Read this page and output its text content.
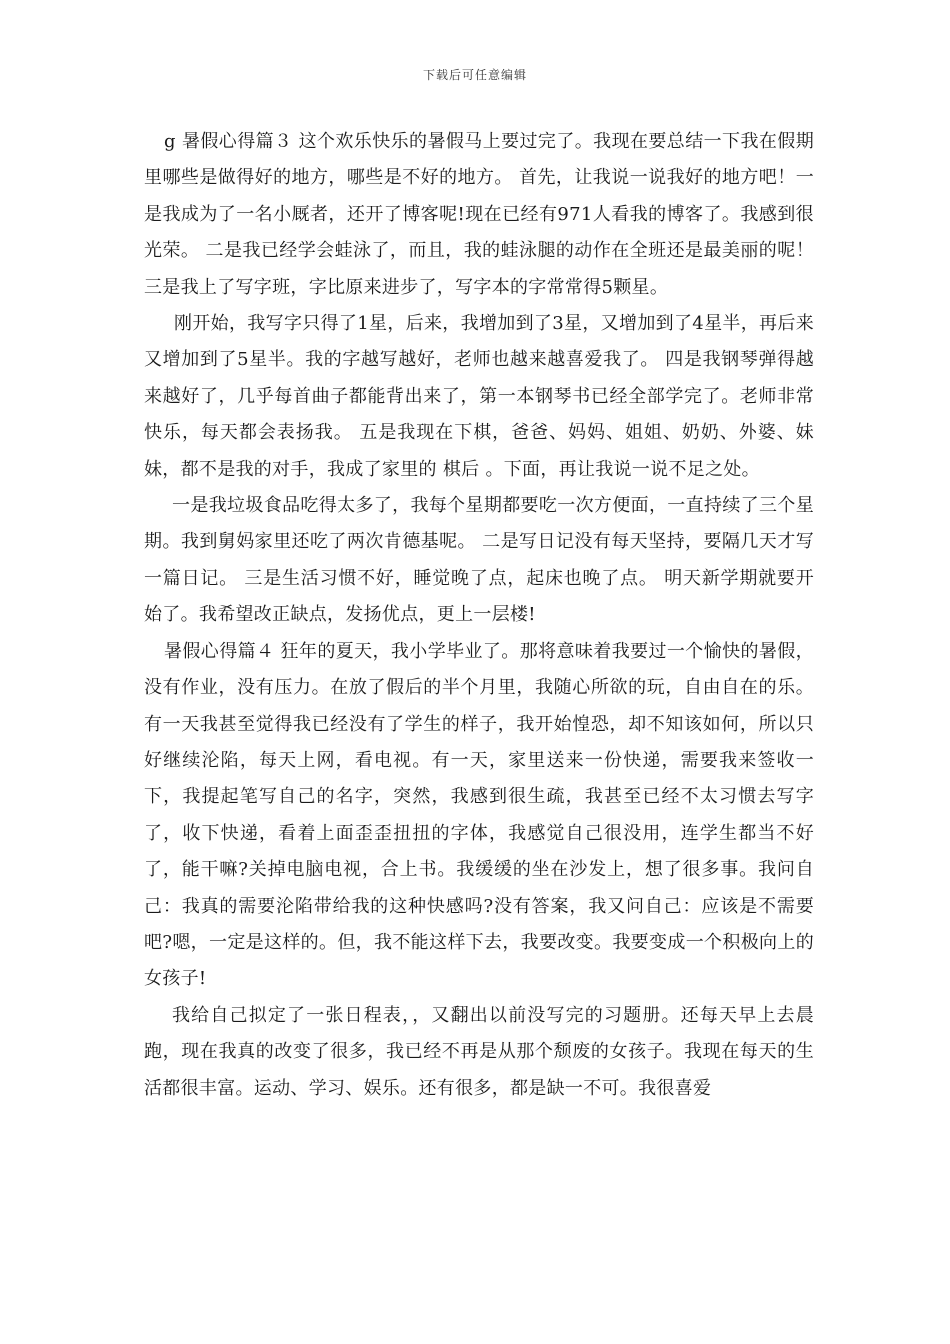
下载后可任意编辑

g 暑假心得篇３ 这个欢乐快乐的暑假马上要过完了。我现在要总结一下我在假期里哪些是做得好的地方，哪些是不好的地方。 首先，让我说一说我好的地方吧！一是我成为了一名小厩者，还开了博客呢!现在已经有971人看我的博客了。我感到很光荣。 二是我已经学会蛙泳了，而且，我的蛙泳腿的动作在全班还是最美丽的呢！三是我上了写字班，字比原来进步了，写字本的字常常得5颗星。

刚开始，我写字只得了1星，后来，我增加到了3星，又增加到了4星半，再后来又增加到了5星半。我的字越写越好，老师也越来越喜爱我了。 四是我钢琴弹得越来越好了，几乎每首曲子都能背出来了，第一本钢琴书已经全部学完了。老师非常快乐，每天都会表扬我。 五是我现在下棋，爸爸、妈妈、姐姐、奶奶、外婆、妹妹，都不是我的对手，我成了家里的 棋后 。下面，再让我说一说不足之处。

一是我垃圾食品吃得太多了，我每个星期都要吃一次方便面，一直持续了三个星期。我到舅妈家里还吃了两次肯德基呢。 二是写日记没有每天坚持，要隔几天才写一篇日记。 三是生活习惯不好，睡觉晚了点，起床也晚了点。 明天新学期就要开始了。我希望改正缺点，发扬优点，更上一层楼!

暑假心得篇４ 狂年的夏天，我小学毕业了。那将意味着我要过一个愉快的暑假，没有作业，没有压力。在放了假后的半个月里，我随心所欲的玩，自由自在的乐。有一天我甚至觉得我已经没有了学生的样子，我开始惶恐，却不知该如何，所以只好继续沦陷，每天上网，看电视。有一天，家里送来一份快递，需要我来签收一下，我提起笔写自己的名字，突然，我感到很生疏，我甚至已经不太习惯去写字了，收下快递，看着上面歪歪扭扭的字体，我感觉自己很没用，连学生都当不好了，能干嘛?关掉电脑电视，合上书。我缓缓的坐在沙发上，想了很多事。我问自己：我真的需要沦陷带给我的这种快感吗?没有答案，我又问自己：应该是不需要吧?嗯，一定是这样的。但，我不能这样下去，我要改变。我要变成一个积极向上的女孩子!

我给自己拟定了一张日程表，，又翻出以前没写完的习题册。还每天早上去晨跑，现在我真的改变了很多，我已经不再是从那个颓废的女孩子。我现在每天的生活都很丰富。运动、学习、娱乐。还有很多，都是缺一不可。我很喜爱
